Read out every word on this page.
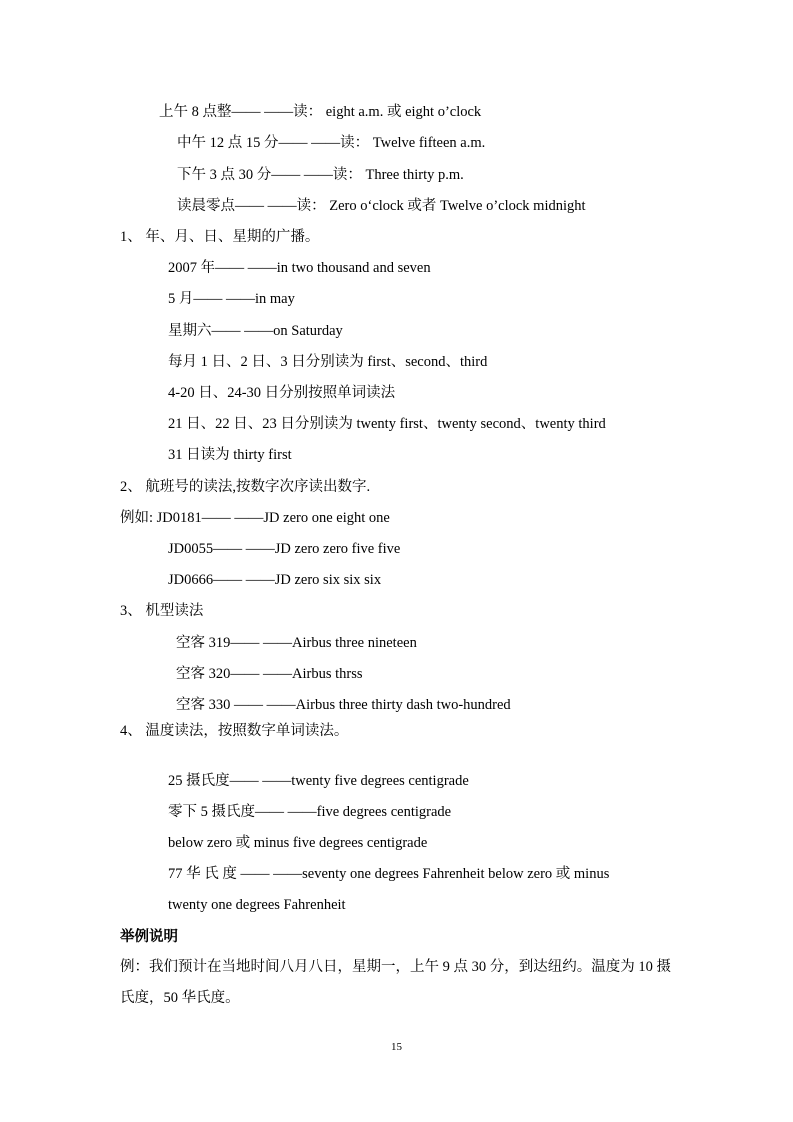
上午 8 点整—— ——读： eight a.m. 或 eight o’clock
中午 12 点 15 分—— ——读： Twelve fifteen a.m.
下午 3 点 30 分—— ——读： Three thirty p.m.
读晨零点—— ——读： Zero o‘clock 或者 Twelve o’clock midnight
1、 年、月、日、星期的广播。
2007 年—— ——in two thousand and seven
5 月—— ——in may
星期六—— ——on Saturday
每月 1 日、2 日、3 日分别读为 first、second、third
4-20 日、24-30 日分别按照单词读法
21 日、22 日、23 日分别读为 twenty first、twenty second、twenty third
31 日读为 thirty first
2、 航班号的读法,按数字次序读出数字.
例如: JD0181—— ——JD zero one eight one
JD0055—— ——JD zero zero five five
JD0666—— ——JD zero six six six
3、 机型读法
空客 319—— ——Airbus three nineteen
空客 320—— ——Airbus thrss
空客 330 —— ——Airbus three thirty dash two-hundred
4、 温度读法，按照数字单词读法。
25 摄氏度—— ——twenty five degrees centigrade
零下 5 摄氏度—— ——five degrees centigrade
below zero 或 minus five degrees centigrade
77 华 氏 度 —— ——seventy one degrees Fahrenheit below zero 或 minus
twenty one degrees Fahrenheit
举例说明
例：我们预计在当地时间八月八日，星期一，上午 9 点 30 分，到达纽约。温度为 10 摄氏度，50 华氏度。
15
